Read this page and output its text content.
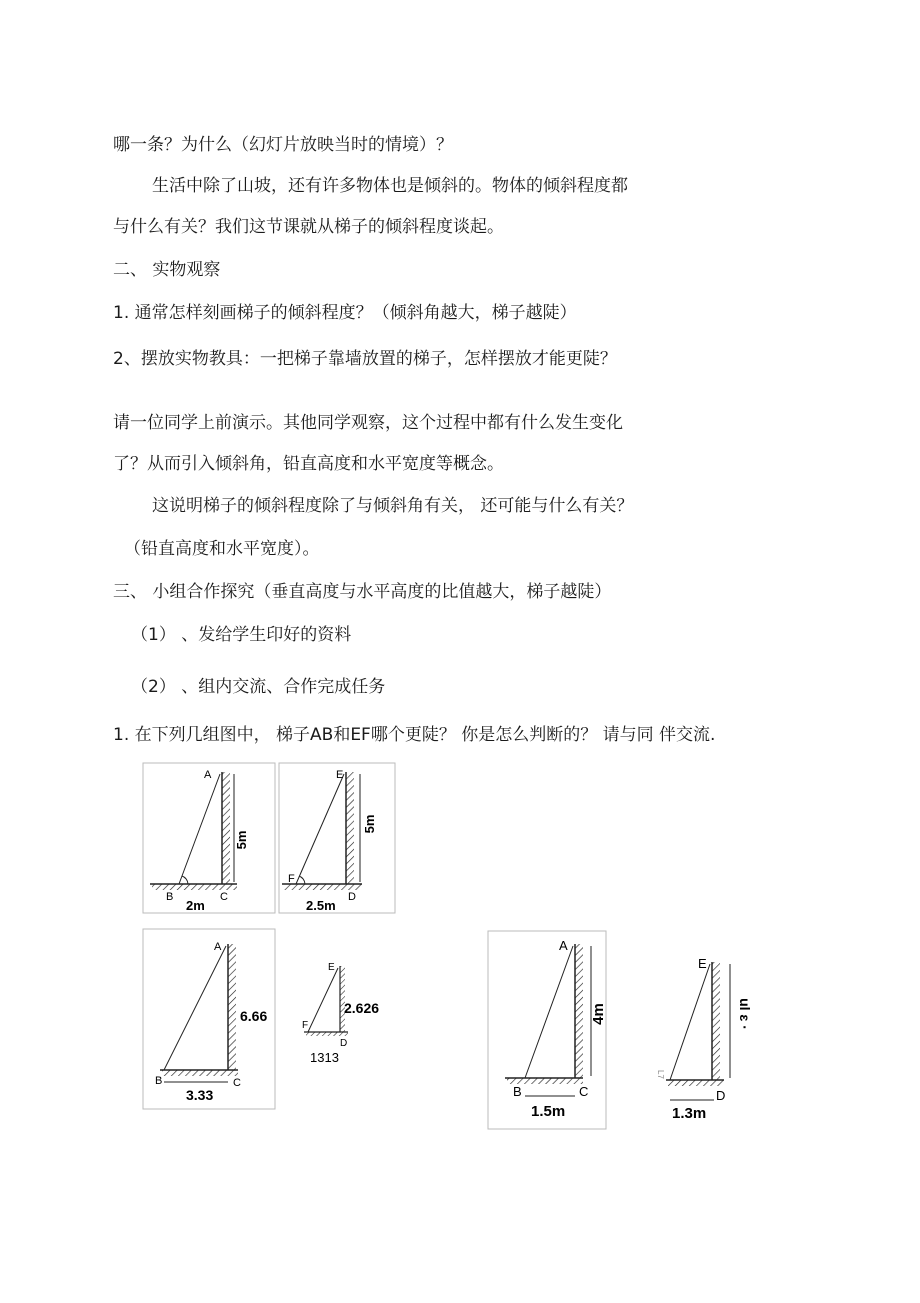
哪一条？为什么（幻灯片放映当时的情境）？
生活中除了山坡，还有许多物体也是倾斜的。物体的倾斜程度都
与什么有关？我们这节课就从梯子的倾斜程度谈起。
二、 实物观察
1. 通常怎样刻画梯子的倾斜程度？（倾斜角越大，梯子越陡）
2、摆放实物教具：一把梯子靠墙放置的梯子，怎样摆放才能更陡？
请一位同学上前演示。其他同学观察，这个过程中都有什么发生变化
了？从而引入倾斜角，铅直高度和水平宽度等概念。
这说明梯子的倾斜程度除了与倾斜角有关， 还可能与什么有关？
（铅直高度和水平宽度）。
三、 小组合作探究（垂直高度与水平高度的比值越大，梯子越陡）
（1） 、发给学生印好的资料
（2） 、组内交流、合作完成任务
1. 在下列几组图中， 梯子AB和EF哪个更陡？ 你是怎么判断的？ 请与同 伴交流.
A
B	C
2m
5m
E
F
D
2.5m
5m
A
B	C
6.66
3.33
E
F
D
2.626
1313
A
B	C
4m
1.5m
E
D
L7
ul ɛ ·
1.3m
